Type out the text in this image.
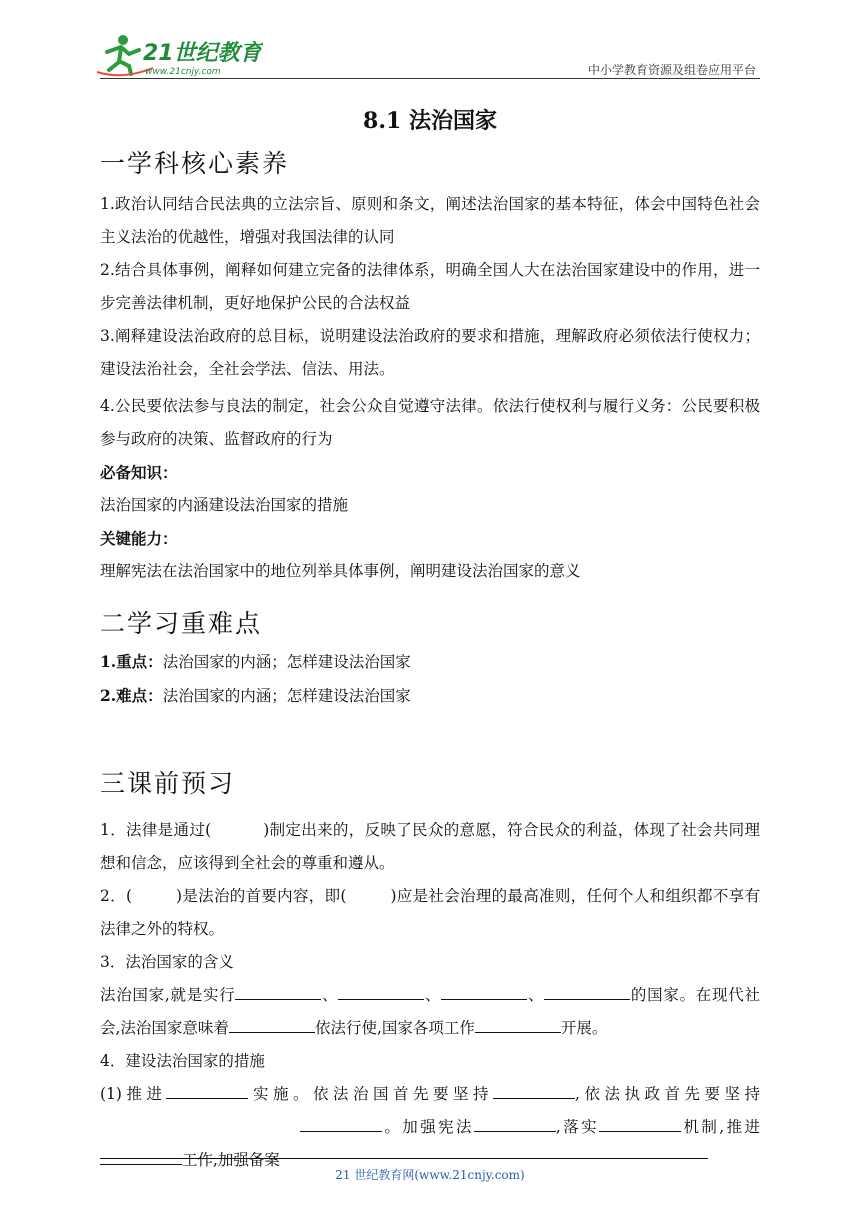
21世纪教育
www.21cnjy.com	中小学教育资源及组卷应用平台
8.1 法治国家
一学科核心素养

1.政治认同结合民法典的立法宗旨、原则和条文，阐述法治国家的基本特征，体会中国特色社会主义法治的优越性，增强对我国法律的认同

2.结合具体事例，阐释如何建立完备的法律体系，明确全国人大在法治国家建设中的作用，进一步完善法律机制，更好地保护公民的合法权益

3.阐释建设法治政府的总目标，说明建设法治政府的要求和措施，理解政府必须依法行使权力；建设法治社会，全社会学法、信法、用法。

4.公民要依法参与良法的制定，社会公众自觉遵守法律。依法行使权利与履行义务：公民要积极参与政府的决策、监督政府的行为

必备知识：

法治国家的内涵建设法治国家的措施

关键能力：

理解宪法在法治国家中的地位列举具体事例，阐明建设法治国家的意义

二学习重难点

1.重点：法治国家的内涵；怎样建设法治国家

2.难点：法治国家的内涵；怎样建设法治国家

三课前预习

1．法律是通过(	)制定出来的，反映了民众的意愿，符合民众的利益，体现了社会共同理想和信念，应该得到全社会的尊重和遵从。

2．(	)是法治的首要内容，即(	)应是社会治理的最高准则，任何个人和组织都不享有法律之外的特权。

3．法治国家的含义

法治国家,就是实行	、	、	、	的国家。在现代社会,法治国家意味着	依法行使,国家各项工作	开展。

4．建设法治国家的措施

(1)推进	实施。依法治国首先要坚持	,依法执政首先要坚持。加强宪法	,落实	机制,推进工作,加强备案

21 世纪教育网(www.21cnjy.com)
